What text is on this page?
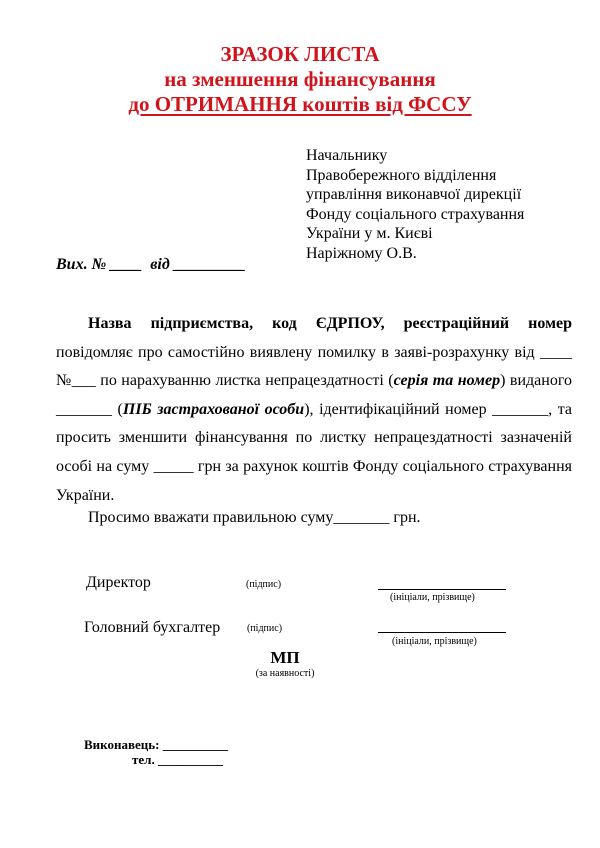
ЗРАЗОК ЛИСТА
на зменшення фінансування
до ОТРИМАННЯ коштів від ФССУ
Начальнику
Правобережного відділення
управління виконавчої дирекції
Фонду соціального страхування
України у м. Києві
Наріжному О.В.
Вих. № ____ від _________
Назва підприємства, код ЄДРПОУ, реєстраційний номер повідомляє про самостійно виявлену помилку в заяві-розрахунку від ____ №___ по нарахуванню листка непрацездатності (серія та номер) виданого _______ (ПІБ застрахованої особи), ідентифікаційний номер _______, та просить зменшити фінансування по листку непрацездатності зазначеній особі на суму _____ грн за рахунок коштів Фонду соціального страхування України.
Просимо вважати правильною суму_______ грн.
Директор	(підпис)
(ініціали, прізвище)
Головний бухгалтер	(підпис)
(ініціали, прізвище)
МП
(за наявності)
Виконавець: __________
тел. __________
